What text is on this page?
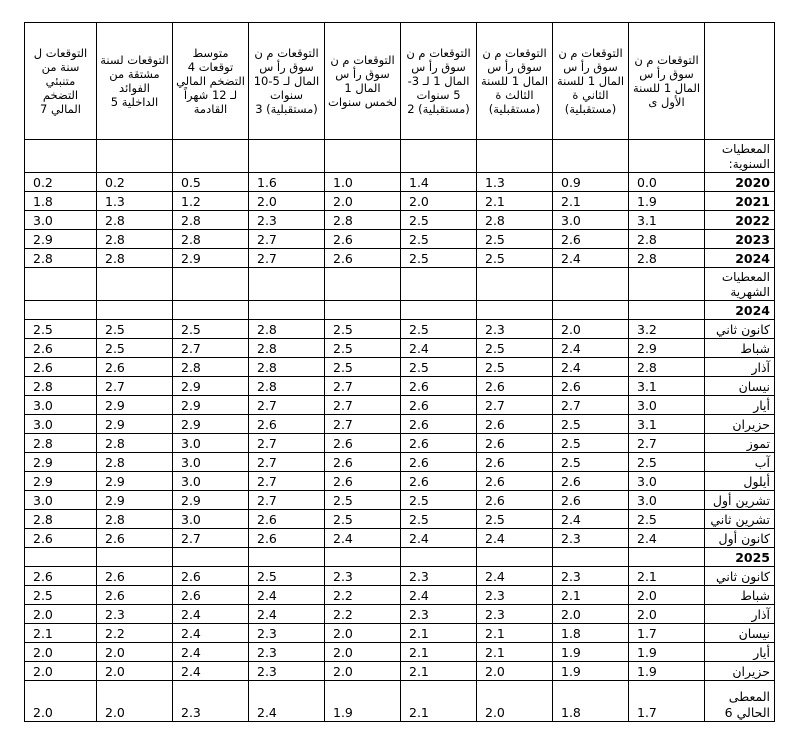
	التوقعات م ن سوق رأ س المال 1 للسنة الأول ى	التوقعات م ن سوق رأ س المال 1 للسنة الثاني ة (مستقبلية)	التوقعات م ن سوق رأ س المال 1 للسنة الثالث ة (مستقبلية)	التوقعات م ن سوق رأ س المال 1 لـ 3-5 سنوات (مستقبلية) 2	التوقعات م ن سوق رأ س المال 1 لخمس سنوات	التوقعات م ن سوق رأ س المال لـ 5-10 سنوات (مستقبلية) 3	متوسط توقعات 4 التضخم المالي لـ 12 شهراً القادمة	التوقعات لسنة مشتقة من الفوائد الداخلية 5	التوقعات ل سنة من متنبئي التضخم المالي 7
المعطيات السنوية:									
2020	0.0	0.9	1.3	1.4	1.0	1.6	0.5	0.2	0.2
2021	1.9	2.1	2.1	2.0	2.0	2.0	1.2	1.3	1.8
2022	3.1	3.0	2.8	2.5	2.8	2.3	2.8	2.8	3.0
2023	2.8	2.6	2.5	2.5	2.6	2.7	2.8	2.8	2.9
2024	2.8	2.4	2.5	2.5	2.6	2.7	2.9	2.8	2.8
المعطيات الشهرية									
2024									
كانون ثاني	3.2	2.0	2.3	2.5	2.5	2.8	2.5	2.5	2.5
شباط	2.9	2.4	2.5	2.4	2.5	2.8	2.7	2.5	2.6
آذار	2.8	2.4	2.5	2.5	2.5	2.8	2.8	2.6	2.6
نيسان	3.1	2.6	2.6	2.6	2.7	2.8	2.9	2.7	2.8
أيار	3.0	2.7	2.7	2.6	2.7	2.7	2.9	2.9	3.0
حزيران	3.1	2.5	2.6	2.6	2.7	2.6	2.9	2.9	3.0
تموز	2.7	2.5	2.6	2.6	2.6	2.7	3.0	2.8	2.8
آب	2.5	2.5	2.6	2.6	2.6	2.7	3.0	2.8	2.9
أيلول	3.0	2.6	2.6	2.6	2.6	2.7	3.0	2.9	2.9
تشرين أول	3.0	2.6	2.6	2.5	2.5	2.7	2.9	2.9	3.0
تشرين ثاني	2.5	2.4	2.5	2.5	2.5	2.6	3.0	2.8	2.8
كانون أول	2.4	2.3	2.4	2.4	2.4	2.6	2.7	2.6	2.6
2025									
كانون ثاني	2.1	2.3	2.4	2.3	2.3	2.5	2.6	2.6	2.6
شباط	2.0	2.1	2.3	2.4	2.2	2.4	2.6	2.6	2.5
آذار	2.0	2.0	2.3	2.3	2.2	2.4	2.4	2.3	2.0
نيسان	1.7	1.8	2.1	2.1	2.0	2.3	2.4	2.2	2.1
أيار	1.9	1.9	2.1	2.1	2.0	2.3	2.4	2.0	2.0
حزيران	1.9	1.9	2.0	2.1	2.0	2.3	2.4	2.0	2.0
المعطى الحالي 6	1.7	1.8	2.0	2.1	1.9	2.4	2.3	2.0	2.0
